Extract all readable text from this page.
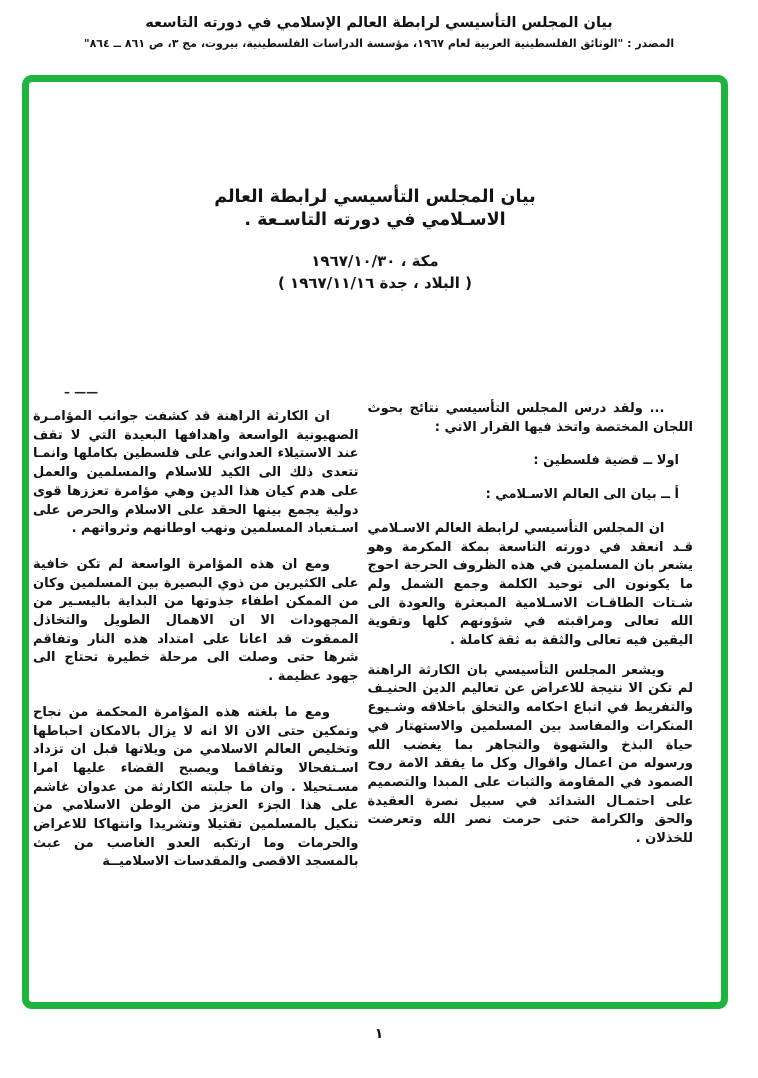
بيان المجلس التأسيسي لرابطة العالم الإسلامي في دورته التاسعه
المصدر : "الوثائق الفلسطينية العربية لعام ١٩٦٧، مؤسسة الدراسات الفلسطينية، بيروت، مج ٣، ص ٨٦١ ــ ٨٦٤"
بيان المجلس التأسيسي لرابطة العالم
الاسـلامي في دورته التاسـعة .
مكة ، ١٩٦٧/١٠/٣٠
( البلاد ، جدة ١٩٦٧/١١/١٦ )
– ——

... ولقد درس المجلس التأسيسي نتائج بحوث اللجان المختصة واتخذ فيها القرار الاتي :

اولا ــ قضية فلسطين :

أ ــ بيان الى العالم الاسـلامي :

ان المجلس التأسيسي لرابطة العالم الاسـلامي قـد انعقد في دورته التاسعة بمكة المكرمة وهو يشعر بان المسلمين في هذه الظروف الحرجة احوج ما يكونون الى توحيد الكلمة وجمع الشمل ولم شـتات الطاقـات الاسـلامية المبعثرة والعودة الى الله تعالى ومراقبته في شؤونهم كلها وتقوية اليقين فيه تعالى والثقة به ثقة كاملة .

ويشعر المجلس التأسيسي بان الكارثة الراهنة لم تكن الا نتيجة للاعراض عن تعاليم الدين الحنيـف والتفريط في اتباع احكامه والتخلق باخلاقه وشـيوع المنكرات والمفاسد بين المسلمين والاستهتار في حياة البذخ والشهوة والتجاهر بما يغضب الله ورسوله من اعمال واقوال وكل ما يفقد الامة روح الصمود في المقاومة والثبات على المبدا والتصميم على احتمـال الشدائد في سبيل نصرة العقيدة والحق والكرامة حتى حرمت نصر الله وتعرضت للخذلان .

ان الكارثة الراهنة قد كشفت جوانب المؤامـرة الصهيونية الواسعة واهدافها البعيدة التي لا تقف عند الاستيلاء العدواني على فلسطين بكاملها وانمـا تتعدى ذلك الى الكيد للاسلام والمسلمين والعمل على هدم كيان هذا الدين وهي مؤامرة تعززها قوى دولية يجمع بينها الحقد على الاسلام والحرص على اسـتعباد المسلمين ونهب اوطانهم وثرواتهم .

ومع ان هذه المؤامرة الواسعة لم تكن خافية على الكثيرين من ذوي البصيرة بين المسلمين وكان من الممكن اطفاء جذوتها من البداية باليسـير من المجهودات الا ان الاهمال الطويل والتخاذل الممقوت قد اعانا على امتداد هذه النار وتفاقم شرها حتى وصلت الى مرحلة خطيرة تحتاج الى جهود عظيمة .

ومع ما بلغته هذه المؤامرة المحكمة من نجاح وتمكين حتى الان الا انه لا يزال بالامكان احباطها وتخليص العالم الاسلامي من ويلاتها قبل ان تزداد اسـتفحالا وتفاقما ويصبح القضاء عليها امرا مسـتحيلا . وان ما جلبته الكارثة من عدوان غاشم على هذا الجزء العزيز من الوطن الاسلامي من تنكيل بالمسلمين تقتيلا وتشريدا وانتهاكا للاعراض والحرمات وما ارتكبه العدو الغاصب من عبث بالمسجد الاقصى والمقدسات الاسلاميــة

١
